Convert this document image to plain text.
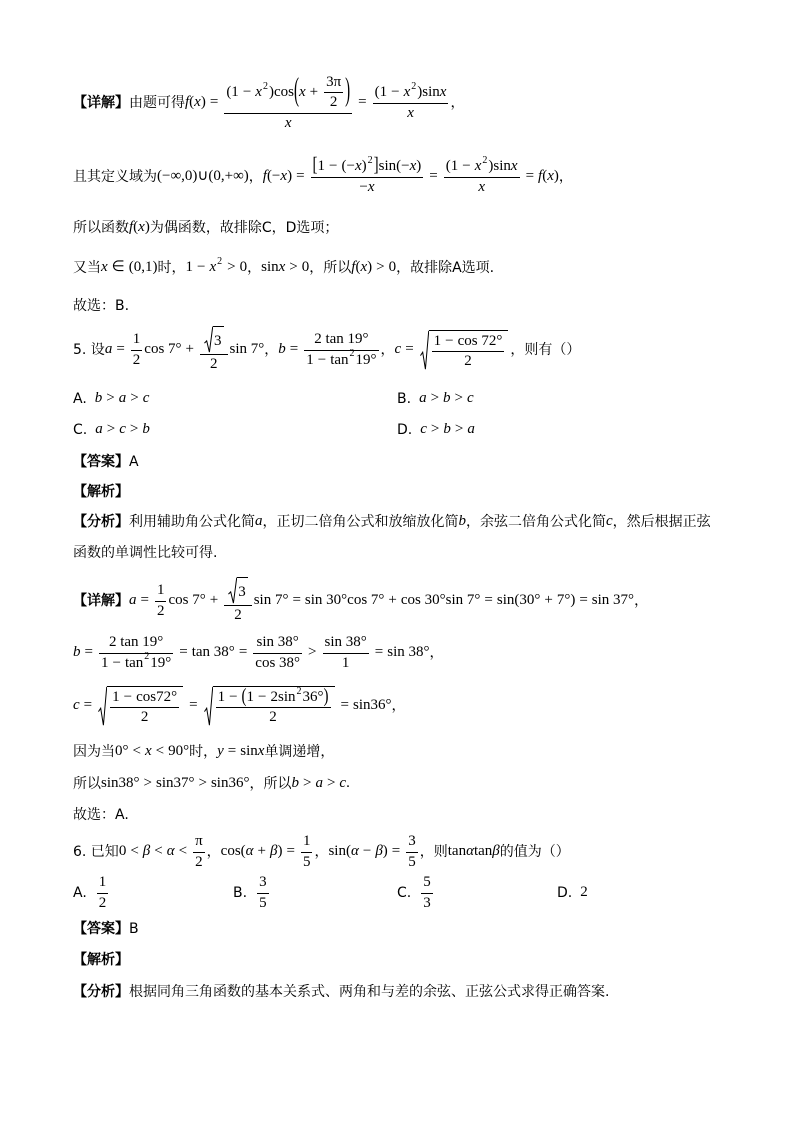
【详解】 由题可得 f ( x ) = $\frac{(1 - x 2 )\cos ( x + \frac{3\pi}{2} )}{x} = \frac{\text{(1 − x 2 )sin x}}{x}$ ，
且其定义域为 (−∞,0)∪(0,+∞) ， f (− x ) = $\frac{[ 1 - (- x ) 2 ] \sin(- x )}{- x} = \frac{\text{(1 − x 2 )sin x}}{x} = f$ ( x ) ，
所以函数 f ( x ) 为偶函数，故排除C，D选项；
又当 x ∈ (0,1) 时， 1 − x 2 > 0 ， sin x > 0 ，所以 f ( x ) > 0 ，故排除A选项.
故选：B.
5. 设 $a = \frac{1}{2}$ $\cos 7^\circ + \frac{3}{2}$ sin 7° ， $b = \frac{2 \tan 19^\circ}{1 - \tan 2 19^\circ}$ ， $c = \frac{1 - \cos 72^\circ}{2}$ ，则有（）
A. b > a > c	B. a > b > c
C. a > c > b	D. c > b > a
【答案】 A
【解析】
【分析】 利用辅助角公式化简 a ，正切二倍角公式和放缩放化简 b ，余弦二倍角公式化简 c ，然后根据正弦
函数的单调性比较可得.
【详解】 $a = \frac{1}{2}$ $\cos 7^\circ + \frac{3}{2}$ sin 7° = sin 30°cos 7° + cos 30°sin 7° = sin(30° + 7°) = sin 37° ，
$b = \frac{2 \tan 19^\circ}{1 - \tan 2 19^\circ} = \tan 38^\circ = \frac{\sin 38^\circ}{\cos 38^\circ} > \frac{\sin 38^\circ}{1} = \sin 38^\circ$ ，
$c = \frac{1 - \cos 72^\circ}{2} = \frac{1 - ( 1 - 2\sin 2 36^\circ )}{2} = \sin 36^\circ$ ，
因为当 0° < x < 90° 时， y = sin x 单调递增，
所以 sin38° > sin37° > sin36° ，所以 b > a > c .
故选：A.
6. 已知 $0 < \beta < \alpha < \frac{\pi}{2}$ ， cos ( α + β ) = $\frac{1}{5}$ ， sin ( α − β ) = $\frac{3}{5}$ ，则 tan α tan β 的值为（）
A. $\frac{1}{2}$	B. $\frac{3}{5}$	C. $\frac{5}{3}$	D. 2
【答案】 B
【解析】
【分析】 根据同角三角函数的基本关系式、两角和与差的余弦、正弦公式求得正确答案.
